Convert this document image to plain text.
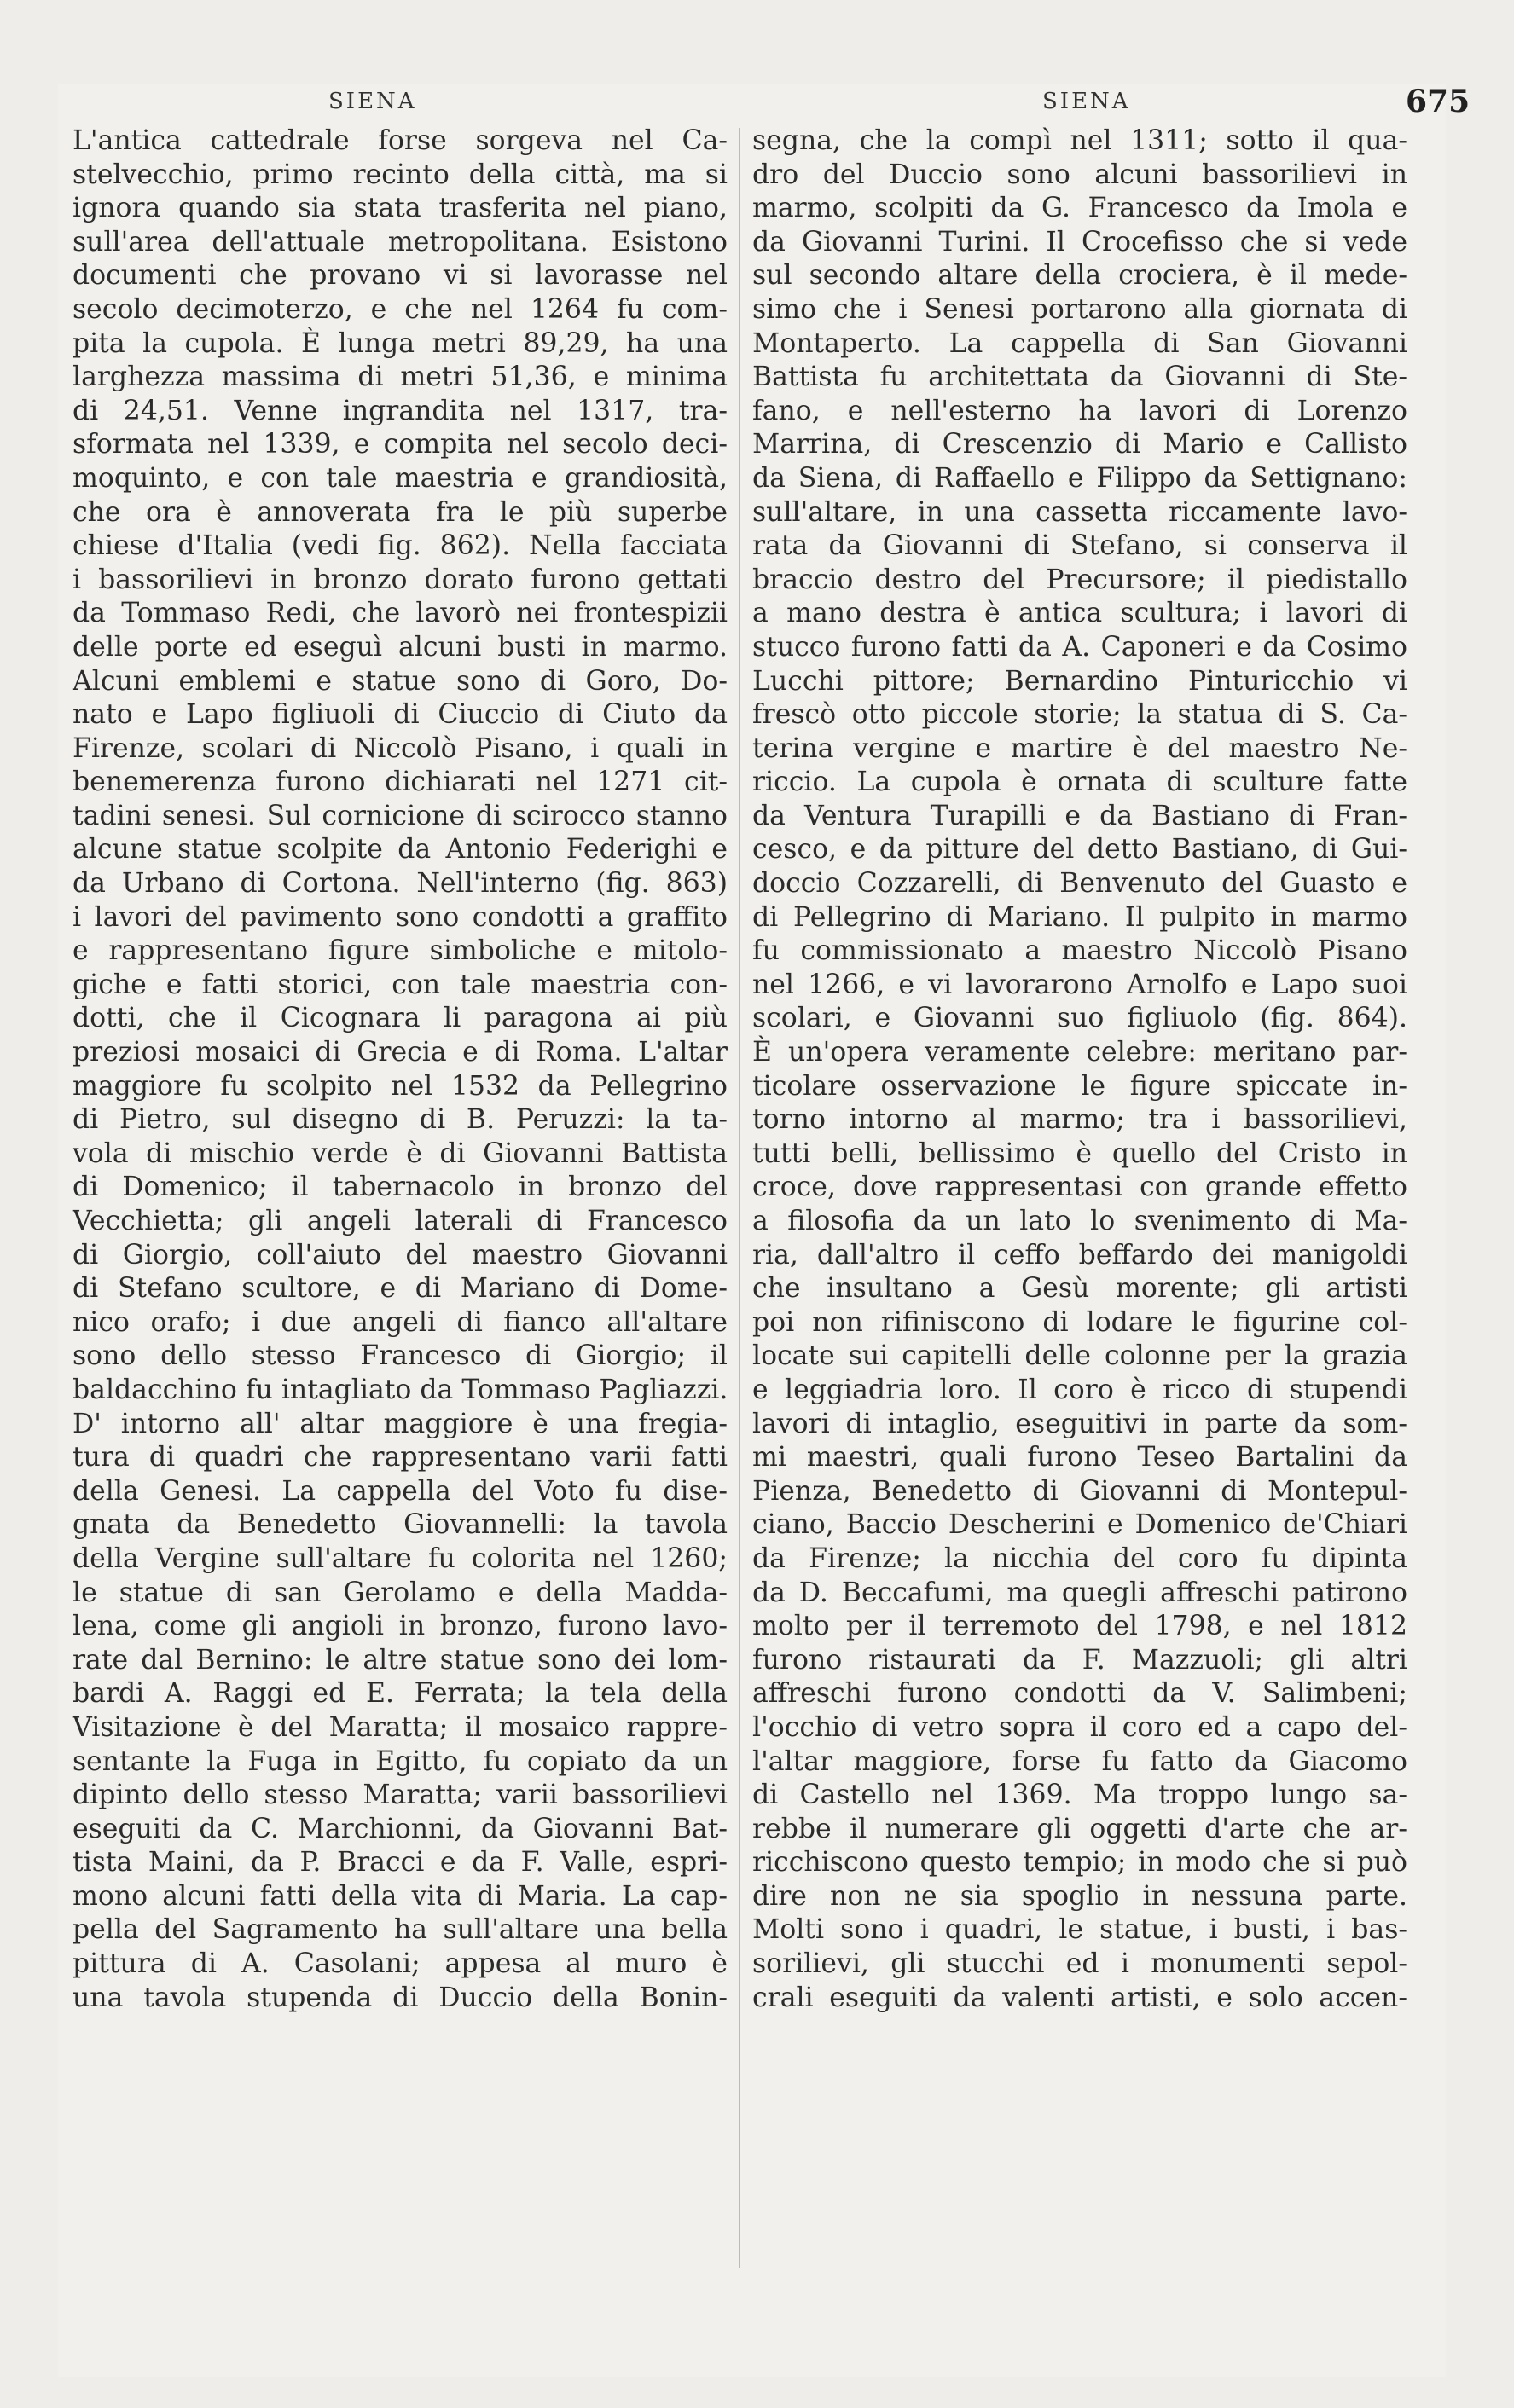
SIENA	SIENA	675
L'antica cattedrale forse sorgeva nel Ca-
stelvecchio, primo recinto della città, ma si
ignora quando sia stata trasferita nel piano,
sull'area dell'attuale metropolitana. Esistono
documenti che provano vi si lavorasse nel
secolo decimoterzo, e che nel 1264 fu com-
pita la cupola. È lunga metri 89,29, ha una
larghezza massima di metri 51,36, e minima
di 24,51. Venne ingrandita nel 1317, tra-
sformata nel 1339, e compita nel secolo deci-
moquinto, e con tale maestria e grandiosità,
che ora è annoverata fra le più superbe
chiese d'Italia (vedi fig. 862). Nella facciata
i bassorilievi in bronzo dorato furono gettati
da Tommaso Redi, che lavorò nei frontespizii
delle porte ed eseguì alcuni busti in marmo.
Alcuni emblemi e statue sono di Goro, Do-
nato e Lapo figliuoli di Ciuccio di Ciuto da
Firenze, scolari di Niccolò Pisano, i quali in
benemerenza furono dichiarati nel 1271 cit-
tadini senesi. Sul cornicione di scirocco stanno
alcune statue scolpite da Antonio Federighi e
da Urbano di Cortona. Nell'interno (fig. 863)
i lavori del pavimento sono condotti a graffito
e rappresentano figure simboliche e mitolo-
giche e fatti storici, con tale maestria con-
dotti, che il Cicognara li paragona ai più
preziosi mosaici di Grecia e di Roma. L'altar
maggiore fu scolpito nel 1532 da Pellegrino
di Pietro, sul disegno di B. Peruzzi: la ta-
vola di mischio verde è di Giovanni Battista
di Domenico; il tabernacolo in bronzo del
Vecchietta; gli angeli laterali di Francesco
di Giorgio, coll'aiuto del maestro Giovanni
di Stefano scultore, e di Mariano di Dome-
nico orafo; i due angeli di fianco all'altare
sono dello stesso Francesco di Giorgio; il
baldacchino fu intagliato da Tommaso Pagliazzi.
D' intorno all' altar maggiore è una fregia-
tura di quadri che rappresentano varii fatti
della Genesi. La cappella del Voto fu dise-
gnata da Benedetto Giovannelli: la tavola
della Vergine sull'altare fu colorita nel 1260;
le statue di san Gerolamo e della Madda-
lena, come gli angioli in bronzo, furono lavo-
rate dal Bernino: le altre statue sono dei lom-
bardi A. Raggi ed E. Ferrata; la tela della
Visitazione è del Maratta; il mosaico rappre-
sentante la Fuga in Egitto, fu copiato da un
dipinto dello stesso Maratta; varii bassorilievi
eseguiti da C. Marchionni, da Giovanni Bat-
tista Maini, da P. Bracci e da F. Valle, espri-
mono alcuni fatti della vita di Maria. La cap-
pella del Sagramento ha sull'altare una bella
pittura di A. Casolani; appesa al muro è
una tavola stupenda di Duccio della Bonin-
segna, che la compì nel 1311; sotto il qua-
dro del Duccio sono alcuni bassorilievi in
marmo, scolpiti da G. Francesco da Imola e
da Giovanni Turini. Il Crocefisso che si vede
sul secondo altare della crociera, è il mede-
simo che i Senesi portarono alla giornata di
Montaperto. La cappella di San Giovanni
Battista fu architettata da Giovanni di Ste-
fano, e nell'esterno ha lavori di Lorenzo
Marrina, di Crescenzio di Mario e Callisto
da Siena, di Raffaello e Filippo da Settignano:
sull'altare, in una cassetta riccamente lavo-
rata da Giovanni di Stefano, si conserva il
braccio destro del Precursore; il piedistallo
a mano destra è antica scultura; i lavori di
stucco furono fatti da A. Caponeri e da Cosimo
Lucchi pittore; Bernardino Pinturicchio vi
frescò otto piccole storie; la statua di S. Ca-
terina vergine e martire è del maestro Ne-
riccio. La cupola è ornata di sculture fatte
da Ventura Turapilli e da Bastiano di Fran-
cesco, e da pitture del detto Bastiano, di Gui-
doccio Cozzarelli, di Benvenuto del Guasto e
di Pellegrino di Mariano. Il pulpito in marmo
fu commissionato a maestro Niccolò Pisano
nel 1266, e vi lavorarono Arnolfo e Lapo suoi
scolari, e Giovanni suo figliuolo (fig. 864).
È un'opera veramente celebre: meritano par-
ticolare osservazione le figure spiccate in-
torno intorno al marmo; tra i bassorilievi,
tutti belli, bellissimo è quello del Cristo in
croce, dove rappresentasi con grande effetto
a filosofia da un lato lo svenimento di Ma-
ria, dall'altro il ceffo beffardo dei manigoldi
che insultano a Gesù morente; gli artisti
poi non rifiniscono di lodare le figurine col-
locate sui capitelli delle colonne per la grazia
e leggiadria loro. Il coro è ricco di stupendi
lavori di intaglio, eseguitivi in parte da som-
mi maestri, quali furono Teseo Bartalini da
Pienza, Benedetto di Giovanni di Montepul-
ciano, Baccio Descherini e Domenico de'Chiari
da Firenze; la nicchia del coro fu dipinta
da D. Beccafumi, ma quegli affreschi patirono
molto per il terremoto del 1798, e nel 1812
furono ristaurati da F. Mazzuoli; gli altri
affreschi furono condotti da V. Salimbeni;
l'occhio di vetro sopra il coro ed a capo del-
l'altar maggiore, forse fu fatto da Giacomo
di Castello nel 1369. Ma troppo lungo sa-
rebbe il numerare gli oggetti d'arte che ar-
ricchiscono questo tempio; in modo che si può
dire non ne sia spoglio in nessuna parte.
Molti sono i quadri, le statue, i busti, i bas-
sorilievi, gli stucchi ed i monumenti sepol-
crali eseguiti da valenti artisti, e solo accen-
